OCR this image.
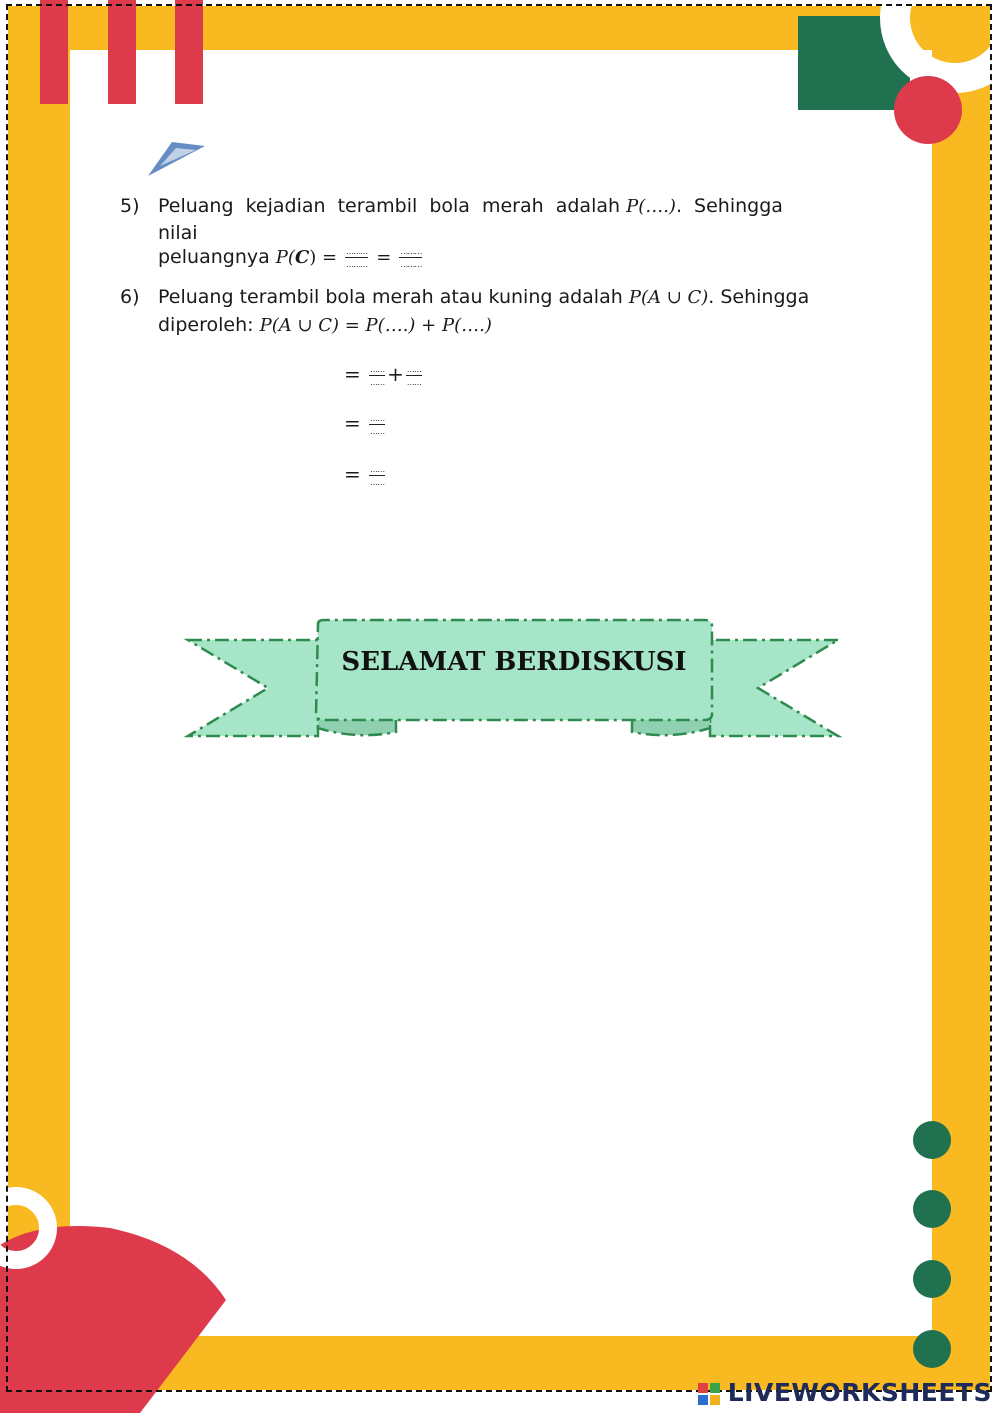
SELAMAT BERDISKUSI
5) Peluang kejadian terambil bola merah adalah P(….). Sehingga nilai
peluangnya $P(C) = \frac{\dots\dots\dots}{\dots\dots\dots} = \frac{\dots\dots\dots}{\dots\dots\dots}$
6) Peluang terambil bola merah atau kuning adalah P(A ∪ C). Sehingga
diperoleh: P(A ∪ C) = P(….) + P(….)
= $\frac{\dots\dots}{\dots\dots} + \frac{\dots\dots}{\dots\dots}$
= $\frac{\dots\dots}{\dots\dots}$
= $\frac{\dots\dots}{\dots\dots}$
LIVEWORKSHEETS
